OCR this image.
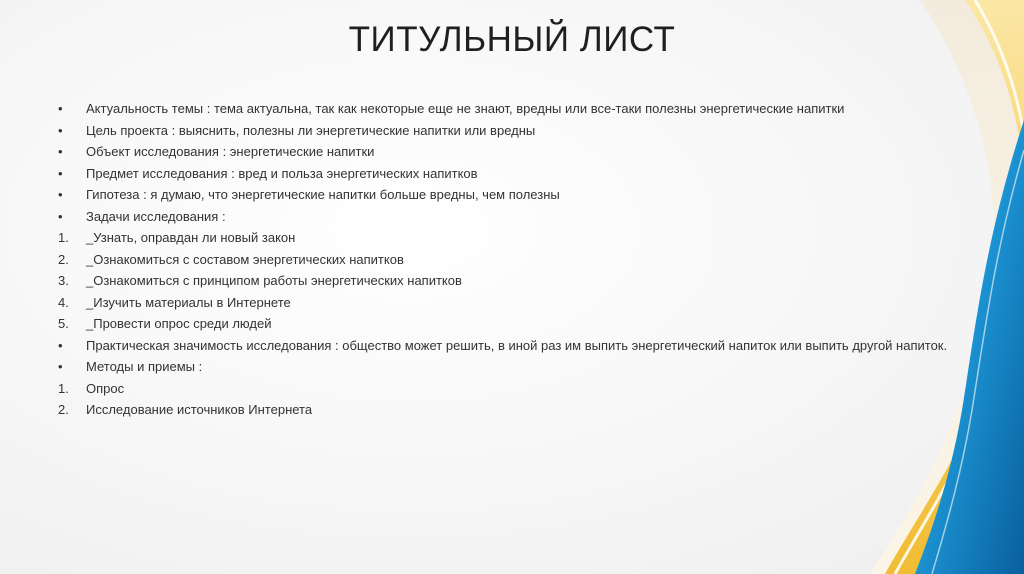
ТИТУЛЬНЫЙ ЛИСТ
•	Актуальность темы : тема актуальна, так как некоторые еще не знают, вредны или все-таки полезны энергетические напитки
•	Цель проекта : выяснить, полезны ли энергетические напитки или вредны
•	Объект исследования : энергетические напитки
•	Предмет исследования : вред и польза энергетических напитков
•	Гипотеза : я думаю, что энергетические напитки больше вредны, чем полезны
•	Задачи исследования :
1.	_Узнать, оправдан ли новый закон
2.	_Ознакомиться с составом энергетических напитков
3.	_Ознакомиться с принципом работы энергетических напитков
4.	_Изучить материалы в Интернете
5.	_Провести опрос среди людей
•	Практическая значимость исследования : общество может решить, в иной раз им выпить энергетический напиток или выпить другой напиток.
•	Методы и приемы :
1.	Опрос
2.	Исследование источников Интернета
